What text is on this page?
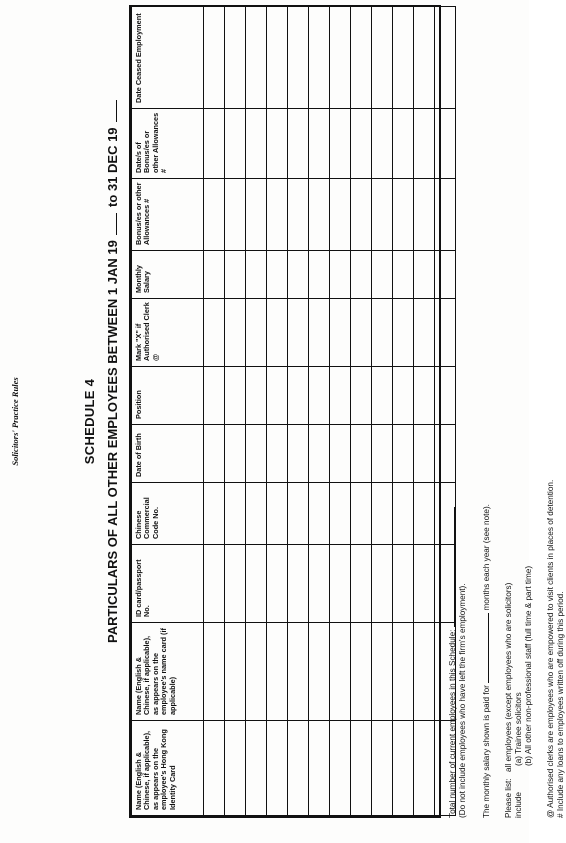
Solicitors' Practice Rules	SCHEDULE 4 PARTICULARS OF ALL OTHER EMPLOYEES BETWEEN 1 JAN 19  to 31 DEC 19
Name (English & Chinese, if applicable), as appears on the employee's Hong Kong Identity Card	Name (English & Chinese, if applicable), as appears on the employee's name card (if applicable)	ID card/passport No.	Chinese Commercial Code No.	Date of Birth	Position	Mark "X" if Authorised Clerk @	Monthly Salary	Bonus/es or other Allowances #	Date/s of Bonus/es or other Allowances #	Date Ceased Employment

Total number of current employees in this Schedule: (Do not include employees who have left the firm's employment). The monthly salary shown is paid for  months each year (see note).
Please list: include
all employees (except employees who are solicitors) (a) Trainee solicitors (b) All other non-professional staff (full time & part time) @ Authorised clerks are employees who are empowered to visit clients in places of detention. # Include any loans to employees written off during this period.
